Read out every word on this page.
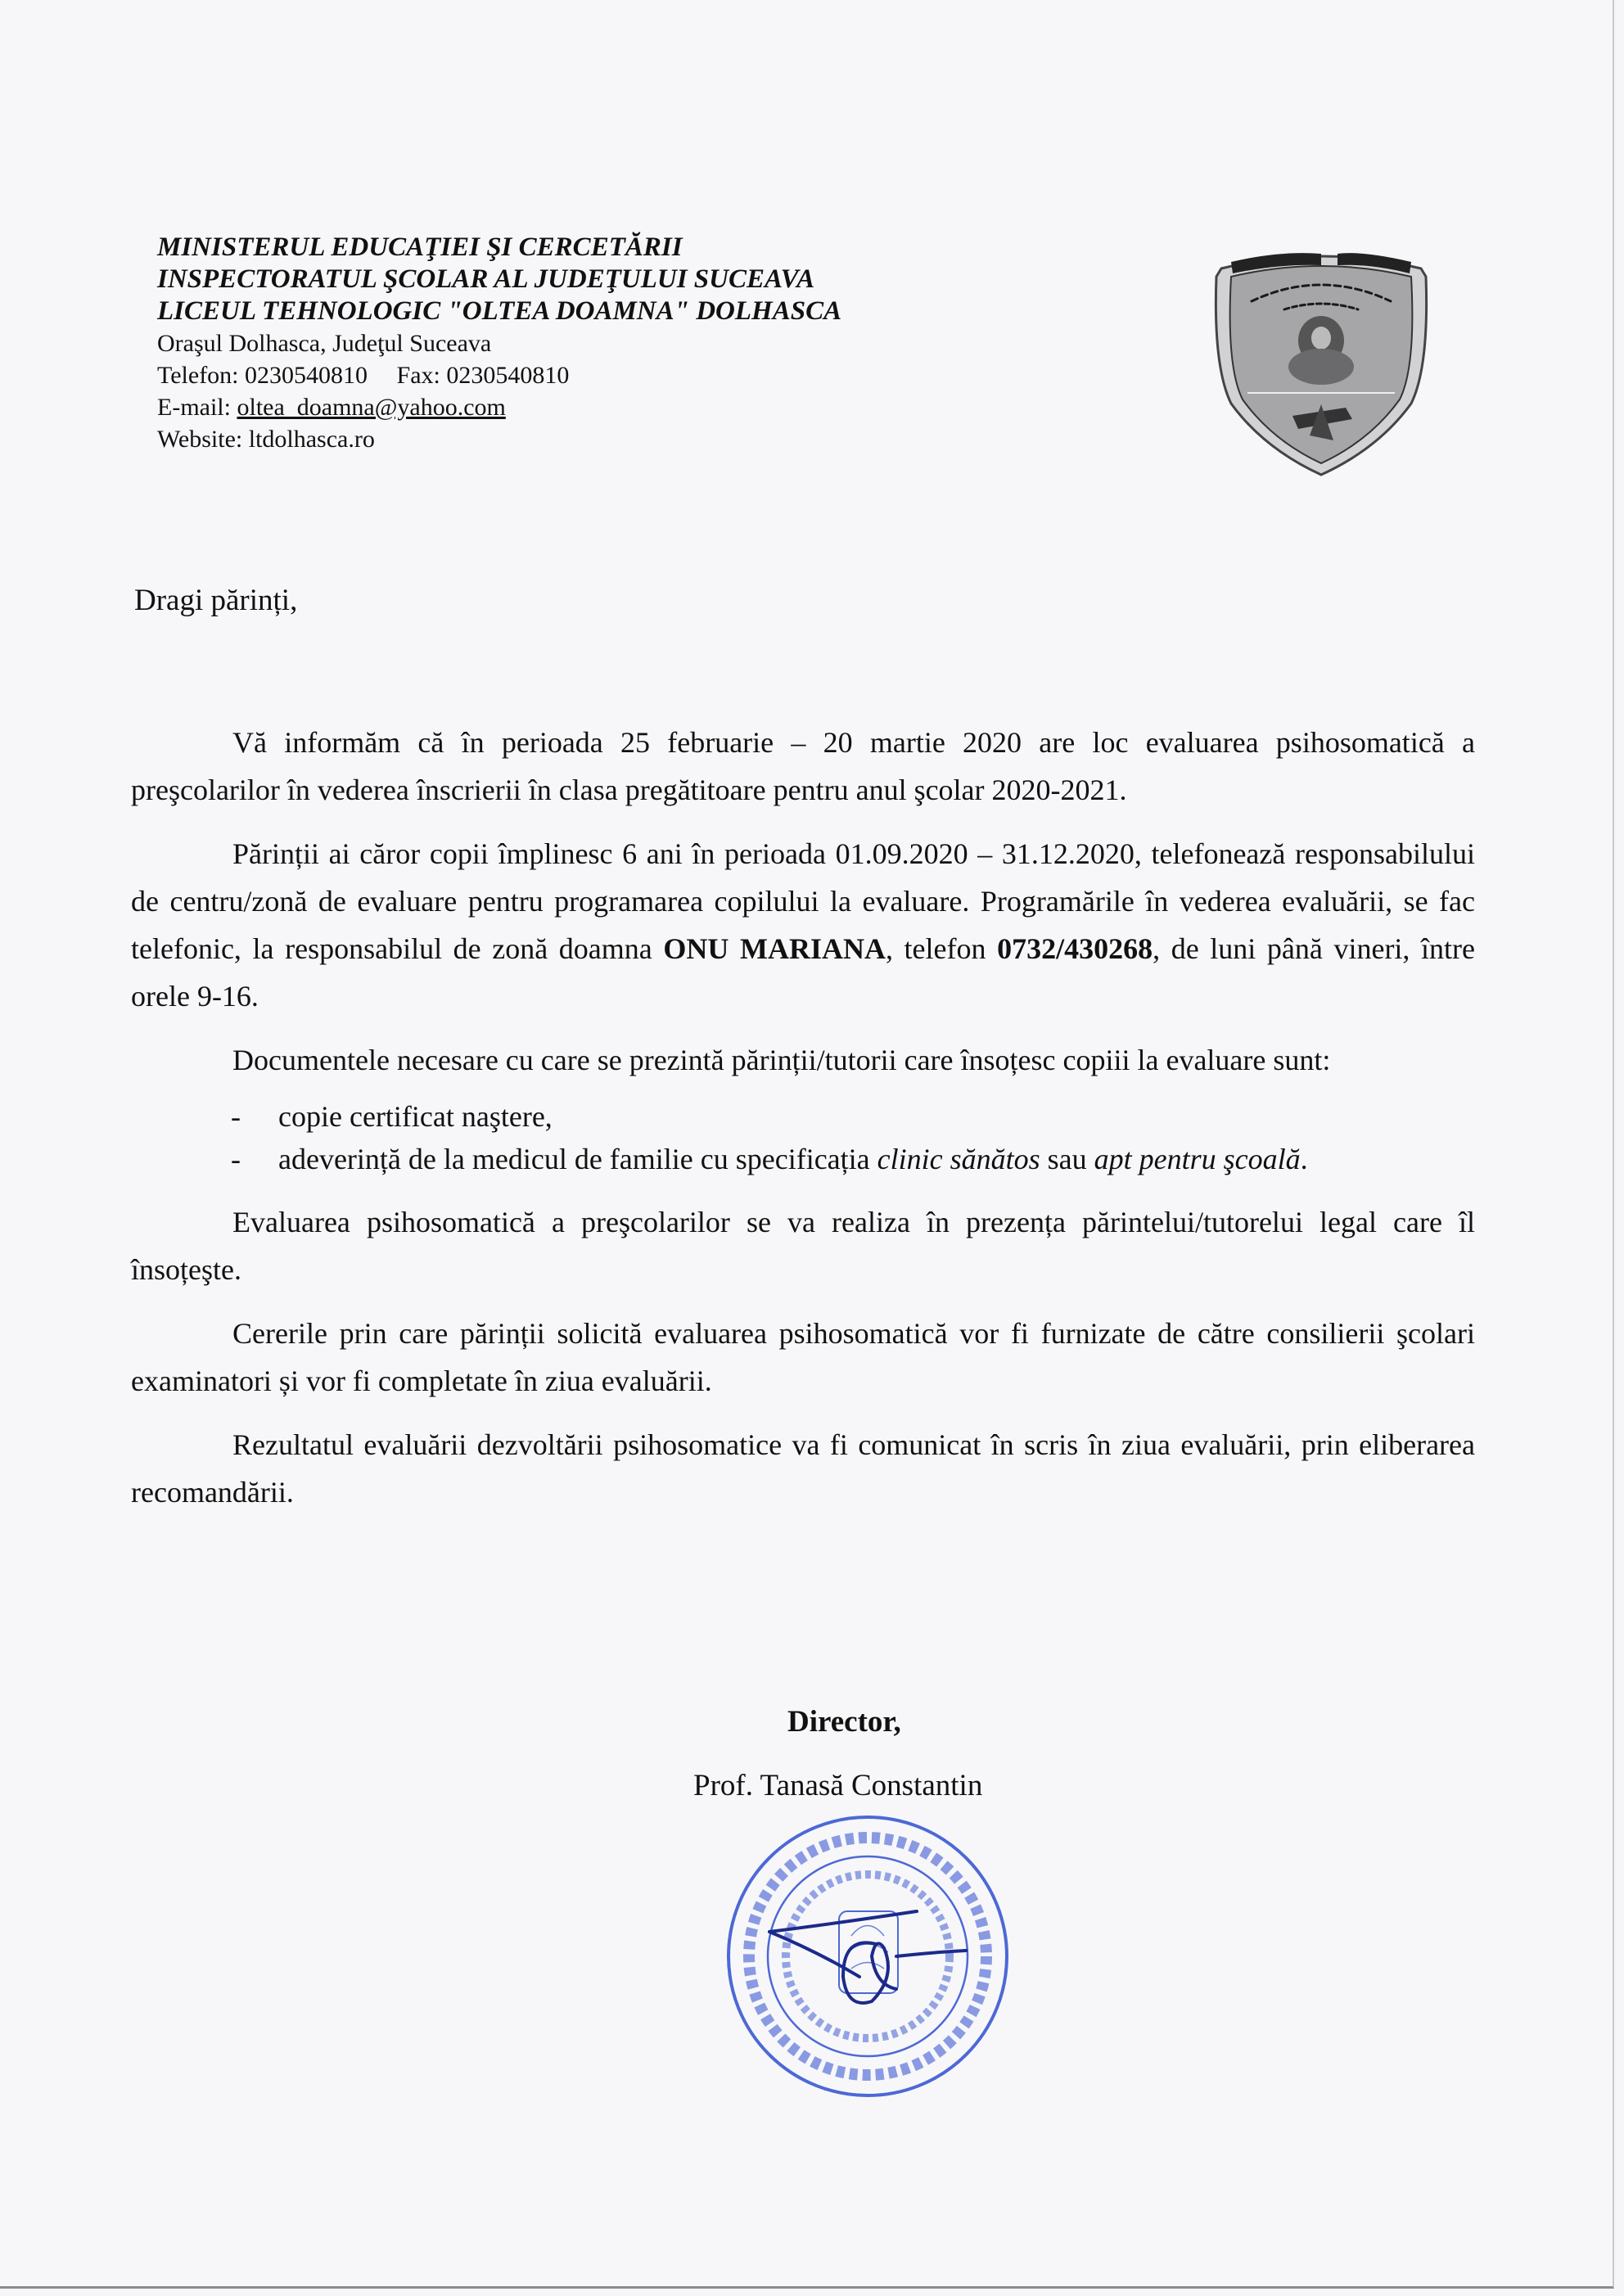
MINISTERUL EDUCAŢIEI ŞI CERCETĂRII
INSPECTORATUL ŞCOLAR AL JUDEŢULUI SUCEAVA
LICEUL TEHNOLOGIC "OLTEA DOAMNA" DOLHASCA
Oraşul Dolhasca, Judeţul Suceava
Telefon: 0230540810 Fax: 0230540810
E-mail: oltea_doamna@yahoo.com
Website: ltdolhasca.ro
Dragi părinți,

Vă informăm că în perioada 25 februarie – 20 martie 2020 are loc evaluarea psihosomatică a preşcolarilor în vederea înscrierii în clasa pregătitoare pentru anul şcolar 2020-2021.

Părinții ai căror copii împlinesc 6 ani în perioada 01.09.2020 – 31.12.2020, telefonează responsabilului de centru/zonă de evaluare pentru programarea copilului la evaluare. Programările în vederea evaluării, se fac telefonic, la responsabilul de zonă doamna ONU MARIANA, telefon 0732/430268, de luni până vineri, între orele 9-16.

Documentele necesare cu care se prezintă părinții/tutorii care însoțesc copiii la evaluare sunt:

- copie certificat naştere,
- adeverință de la medicul de familie cu specificația clinic sănătos sau apt pentru şcoală.

Evaluarea psihosomatică a preşcolarilor se va realiza în prezența părintelui/tutorelui legal care îl însoțeşte.

Cererile prin care părinții solicită evaluarea psihosomatică vor fi furnizate de către consilierii şcolari examinatori și vor fi completate în ziua evaluării.

Rezultatul evaluării dezvoltării psihosomatice va fi comunicat în scris în ziua evaluării, prin eliberarea recomandării.

Director,
Prof. Tanasă Constantin
